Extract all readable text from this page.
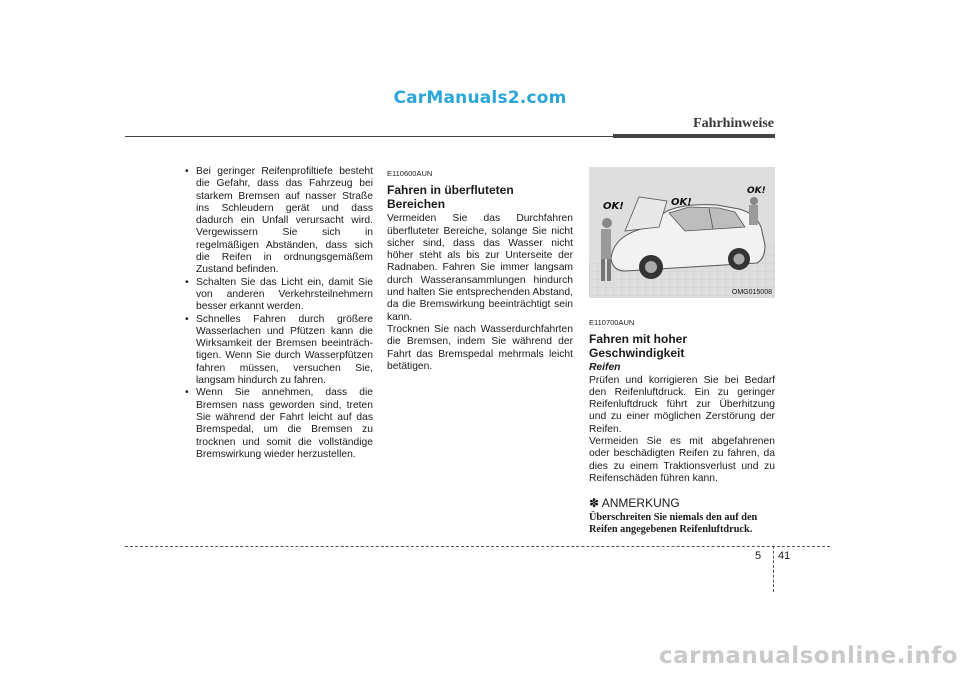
CarManuals2.com
Fahrhinweise
• Bei geringer Reifenprofiltiefe besteht die Gefahr, dass das Fahrzeug bei starkem Bremsen auf nasser Straße ins Schleudern gerät und dass dadurch ein Unfall verursacht wird. Vergewissern Sie sich in regelmäßigen Abständen, dass sich die Reifen in ordnungsgemäßem Zustand befinden.
• Schalten Sie das Licht ein, damit Sie von anderen Verkehrsteilnehmern besser erkannt werden.
• Schnelles Fahren durch größere Wasserlachen und Pfützen kann die Wirksamkeit der Bremsen beeinträch-tigen. Wenn Sie durch Wasserpfützen fahren müssen, versuchen Sie, langsam hindurch zu fahren.
• Wenn Sie annehmen, dass die Bremsen nass geworden sind, treten Sie während der Fahrt leicht auf das Bremspedal, um die Bremsen zu trocknen und somit die vollständige Bremswirkung wieder herzustellen.
E110600AUN
Fahren in überfluteten Bereichen

Vermeiden Sie das Durchfahren überfluteter Bereiche, solange Sie nicht sicher sind, dass das Wasser nicht höher steht als bis zur Unterseite der Radnaben. Fahren Sie immer langsam durch Wasseransammlungen hindurch und halten Sie entsprechenden Abstand, da die Bremswirkung beeinträchtigt sein kann.

Trocknen Sie nach Wasserdurchfahrten die Bremsen, indem Sie während der Fahrt das Bremspedal mehrmals leicht betätigen.

OK!	OK!
OK!
OMG015008
E110700AUN
Fahren mit hoher Geschwindigkeit
Reifen

Prüfen und korrigieren Sie bei Bedarf den Reifenluftdruck. Ein zu geringer Reifenluftdruck führt zur Überhitzung und zu einer möglichen Zerstörung der Reifen.

Vermeiden Sie es mit abgefahrenen oder beschädigten Reifen zu fahren, da dies zu einem Traktionsverlust und zu Reifenschäden führen kann.

✽ ANMERKUNG
Überschreiten Sie niemals den auf den Reifen angegebenen Reifenluftdruck.
5 41
carmanualsonline.info
